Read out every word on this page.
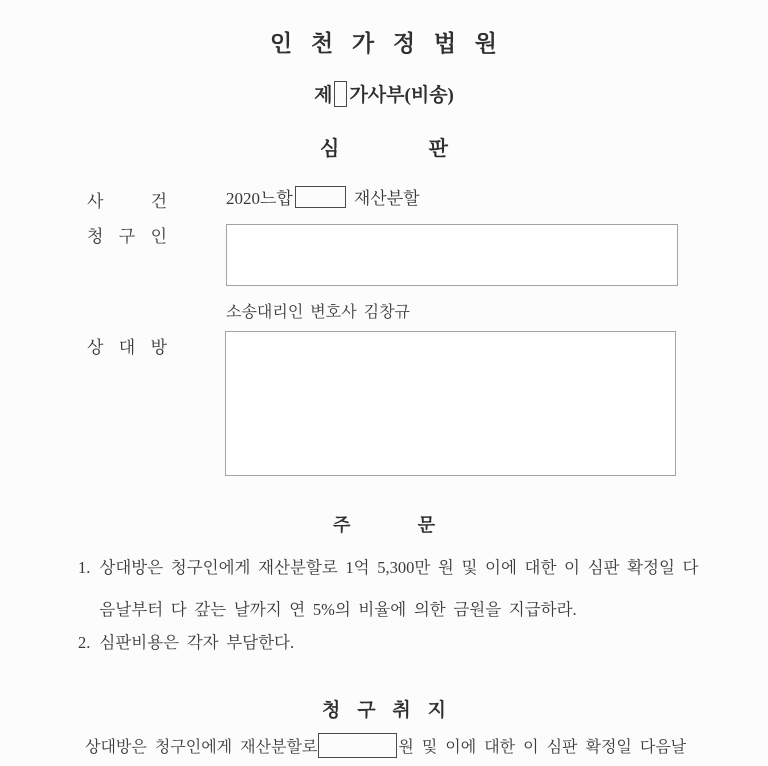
인 천 가 정 법 원
제 가사부(비송)
심 판
사 건	2020느합	재산분할
청 구 인
소송대리인 변호사 김창규
상 대 방
주 문
1. 상대방은 청구인에게 재산분할로 1억 5,300만 원 및 이에 대한 이 심판 확정일 다
음날부터 다 갚는 날까지 연 5%의 비율에 의한 금원을 지급하라.
2. 심판비용은 각자 부담한다.
청 구 취 지
상대방은 청구인에게 재산분할로	원 및 이에 대한 이 심판 확정일 다음날
